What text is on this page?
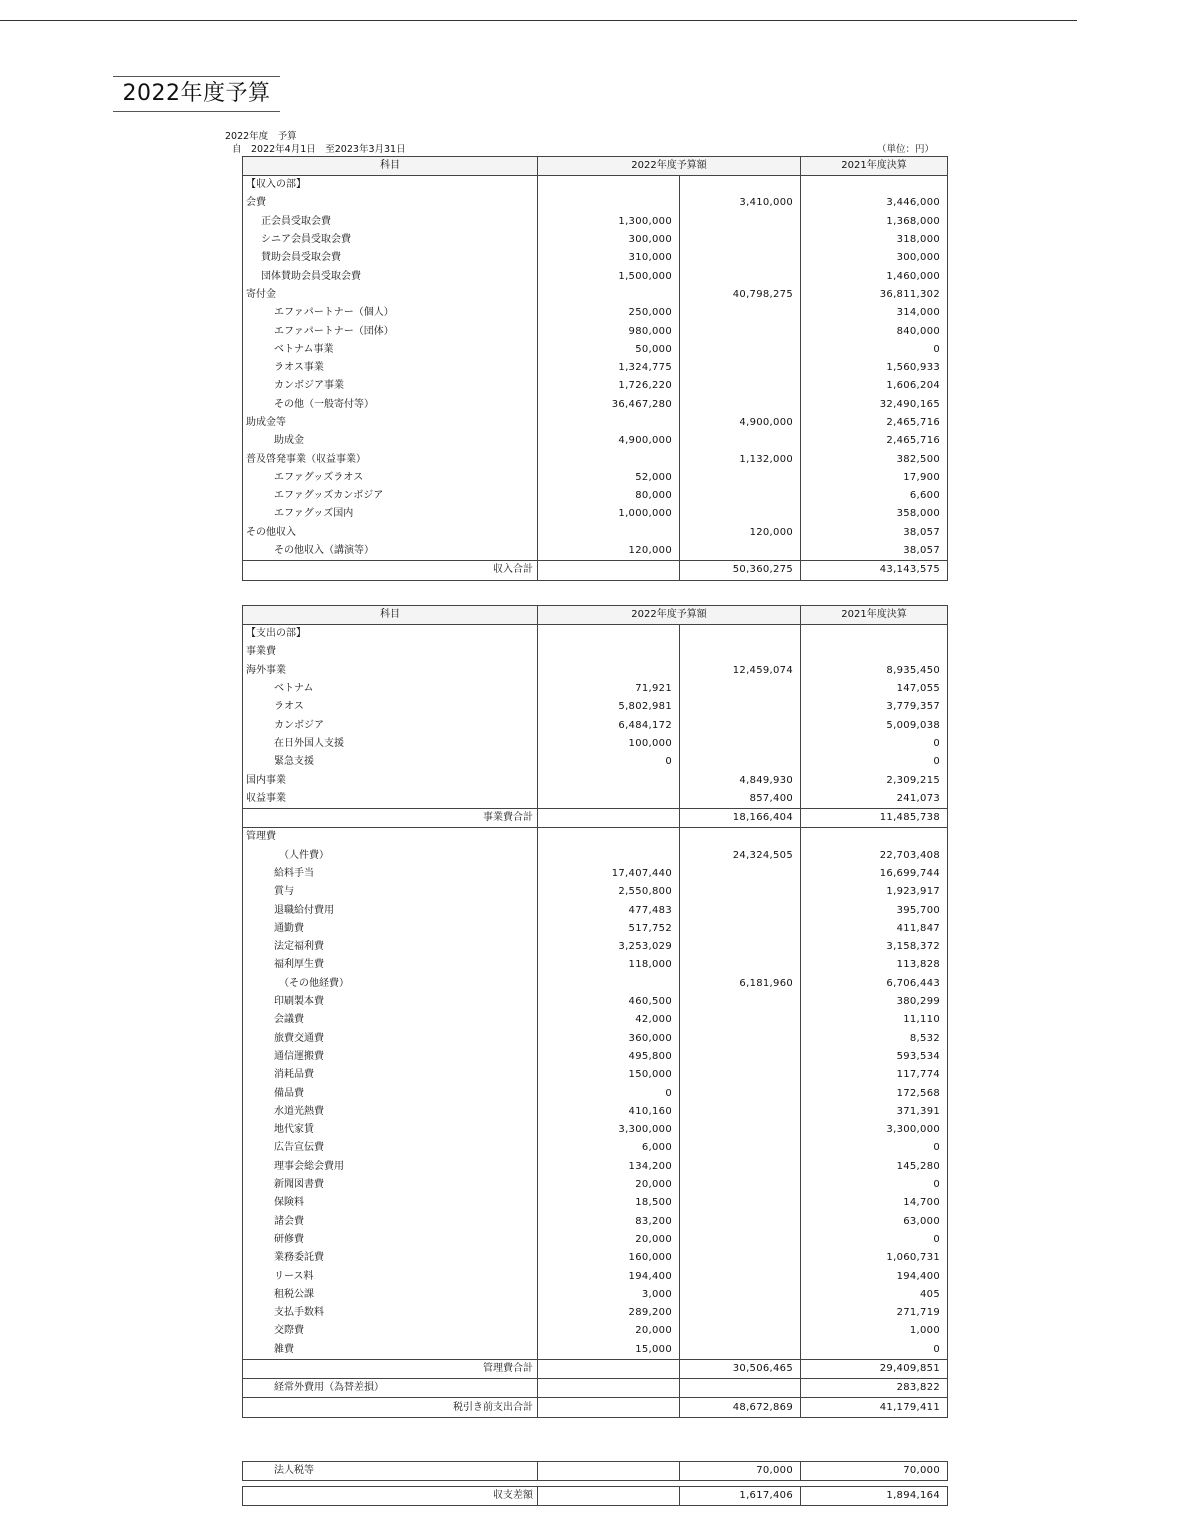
2022年度予算
2022年度　予算
自　2022年4月1日　至2023年3月31日	（単位：円）
科目	2022年度予算額		2021年度決算
【収入の部】			
会費		3,410,000	3,446,000
正会員受取会費	1,300,000		1,368,000
シニア会員受取会費	300,000		318,000
賛助会員受取会費	310,000		300,000
団体賛助会員受取会費	1,500,000		1,460,000
寄付金		40,798,275	36,811,302
エファパートナー（個人）	250,000		314,000
エファパートナー（団体）	980,000		840,000
ベトナム事業	50,000		0
ラオス事業	1,324,775		1,560,933
カンボジア事業	1,726,220		1,606,204
その他（一般寄付等）	36,467,280		32,490,165
助成金等		4,900,000	2,465,716
助成金	4,900,000		2,465,716
普及啓発事業（収益事業）		1,132,000	382,500
エファグッズラオス	52,000		17,900
エファグッズカンボジア	80,000		6,600
エファグッズ国内	1,000,000		358,000
その他収入		120,000	38,057
その他収入（講演等）	120,000		38,057
収入合計		50,360,275	43,143,575
科目	2022年度予算額		2021年度決算
【支出の部】			
事業費			
海外事業		12,459,074	8,935,450
ベトナム	71,921		147,055
ラオス	5,802,981		3,779,357
カンボジア	6,484,172		5,009,038
在日外国人支援	100,000		0
緊急支援	0		0
国内事業		4,849,930	2,309,215
収益事業		857,400	241,073
事業費合計		18,166,404	11,485,738
管理費			
（人件費）		24,324,505	22,703,408
給料手当	17,407,440		16,699,744
賞与	2,550,800		1,923,917
退職給付費用	477,483		395,700
通勤費	517,752		411,847
法定福利費	3,253,029		3,158,372
福利厚生費	118,000		113,828
（その他経費）		6,181,960	6,706,443
印刷製本費	460,500		380,299
会議費	42,000		11,110
旅費交通費	360,000		8,532
通信運搬費	495,800		593,534
消耗品費	150,000		117,774
備品費	0		172,568
水道光熱費	410,160		371,391
地代家賃	3,300,000		3,300,000
広告宣伝費	6,000		0
理事会総会費用	134,200		145,280
新聞図書費	20,000		0
保険料	18,500		14,700
諸会費	83,200		63,000
研修費	20,000		0
業務委託費	160,000		1,060,731
リース料	194,400		194,400
租税公課	3,000		405
支払手数料	289,200		271,719
交際費	20,000		1,000
雑費	15,000		0
管理費合計		30,506,465	29,409,851
経常外費用（為替差損）			283,822
税引き前支出合計		48,672,869	41,179,411
法人税等		70,000	70,000
収支差額		1,617,406	1,894,164
